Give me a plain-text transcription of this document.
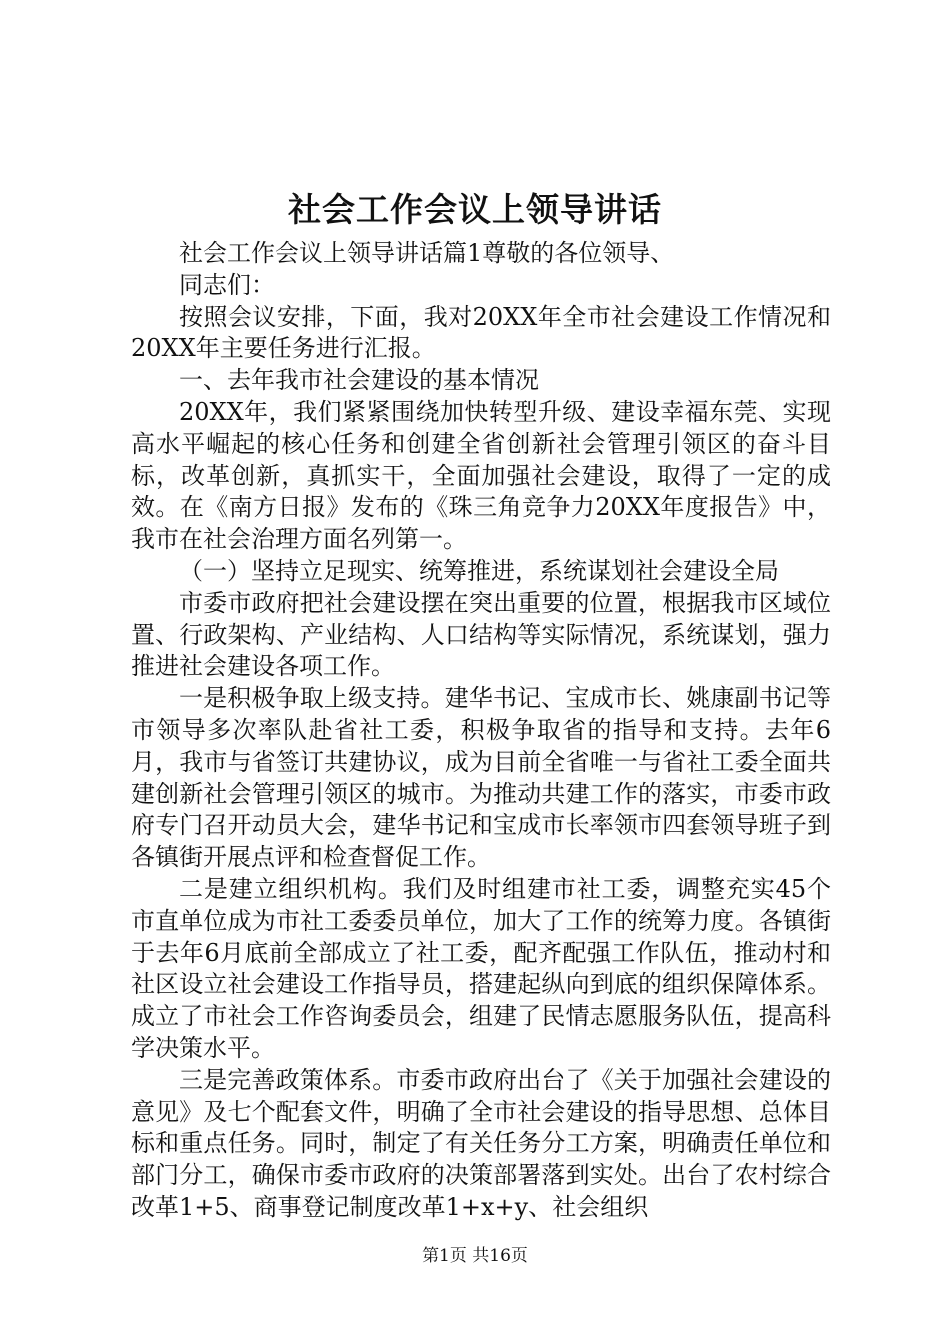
社会工作会议上领导讲话

社会工作会议上领导讲话篇1尊敬的各位领导、

同志们：

按照会议安排，下面，我对20XX年全市社会建设工作情况和20XX年主要任务进行汇报。

一、去年我市社会建设的基本情况

20XX年，我们紧紧围绕加快转型升级、建设幸福东莞、实现高水平崛起的核心任务和创建全省创新社会管理引领区的奋斗目标，改革创新，真抓实干，全面加强社会建设，取得了一定的成效。在《南方日报》发布的《珠三角竞争力20XX年度报告》中，我市在社会治理方面名列第一。

（一）坚持立足现实、统筹推进，系统谋划社会建设全局

市委市政府把社会建设摆在突出重要的位置，根据我市区域位置、行政架构、产业结构、人口结构等实际情况，系统谋划，强力推进社会建设各项工作。

一是积极争取上级支持。建华书记、宝成市长、姚康副书记等市领导多次率队赴省社工委，积极争取省的指导和支持。去年6月，我市与省签订共建协议，成为目前全省唯一与省社工委全面共建创新社会管理引领区的城市。为推动共建工作的落实，市委市政府专门召开动员大会，建华书记和宝成市长率领市四套领导班子到各镇街开展点评和检查督促工作。

二是建立组织机构。我们及时组建市社工委，调整充实45个市直单位成为市社工委委员单位，加大了工作的统筹力度。各镇街于去年6月底前全部成立了社工委，配齐配强工作队伍，推动村和社区设立社会建设工作指导员，搭建起纵向到底的组织保障体系。成立了市社会工作咨询委员会，组建了民情志愿服务队伍，提高科学决策水平。

三是完善政策体系。市委市政府出台了《关于加强社会建设的意见》及七个配套文件，明确了全市社会建设的指导思想、总体目标和重点任务。同时，制定了有关任务分工方案，明确责任单位和部门分工，确保市委市政府的决策部署落到实处。出台了农村综合改革1+5、商事登记制度改革1+x+y、社会组织

第1页 共16页
